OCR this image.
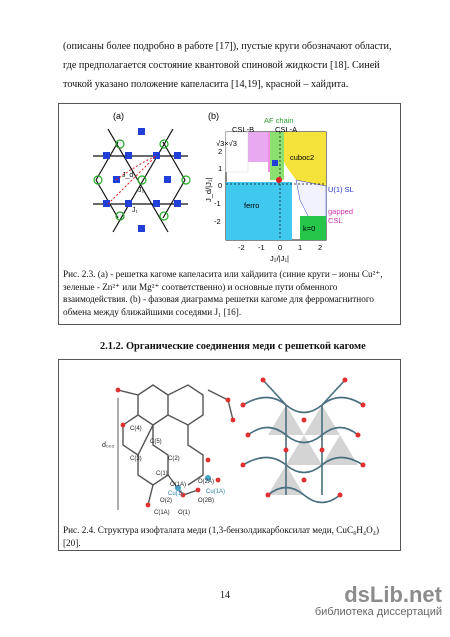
(описаны более подробно в работе [17]), пустые круги обозначают области,
где предполагается состояние квантовой спиновой жидкости [18]. Синей
точкой указано положение капеласита [14,19], красной – хайдита.
(a)
J_d
J₂
J₁
(b)	AF chain
CSL-B	CSL-A
√3×√3
cuboc2
ferro
U(1) SL
gapped
CSL
k=0
2
1
0
-1
-2
-2 -1 0 1 2
J₂/|J₁|
J_d/|J₁|
Рис. 2.3. (a) - решетка кагоме капеласита или хайдиита (синие круги – ионы Cu²⁺,
зеленые - Zn²⁺ или Mg²⁺ соответственно) и основные пути обменного
взаимодействия. (b) - фазовая диаграмма решетки кагоме для ферромагнитного
обмена между ближайшими соседями J₁ [16].
2.1.2. Органические соединения меди с решеткой кагоме
C(4)
C(5)
C(3)	C(2)
C(1)
O(1A)
Cu(1)
O(2)
O(1)
O(2A)
Cu(1A)
O(2B)
C(1A)
d₀₀₂
Рис. 2.4. Структура изофталата меди (1,3-бензолдикарбоксилат меди, CuC₈H₄O₄)
[20].
14	dsLib.net
библиотека диссертаций
